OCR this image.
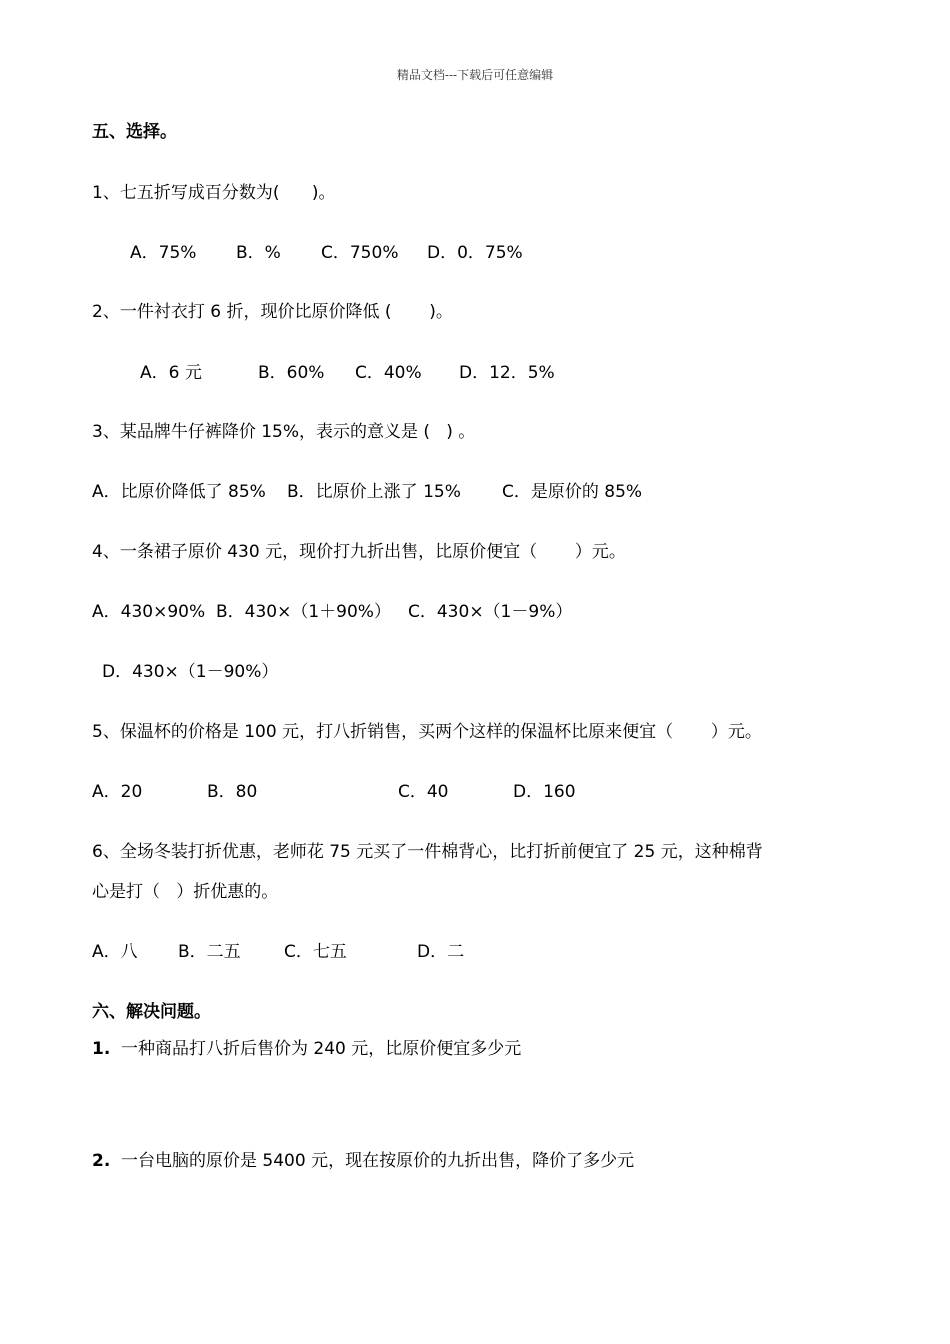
精品文档---下载后可任意编辑
五、选择。
1、七五折写成百分数为(      )。
A．75% B．% C．750% D．0．75%
2、一件衬衣打 6 折，现价比原价降低 (       )。
A．6 元	B．60% C．40% D．12．5%
3、某品牌牛仔裤降价 15%，表示的意义是 (   ) 。
A．比原价降低了 85% B．比原价上涨了 15% C．是原价的 85%
4、一条裙子原价 430 元，现价打九折出售，比原价便宜（       ）元。
A．430×90% B．430×（1＋90%） C．430×（1－9%）
D．430×（1－90%）
5、保温杯的价格是 100 元，打八折销售，买两个这样的保温杯比原来便宜（       ）元。
A．20	B．80	C．40	D．160
6、全场冬装打折优惠，老师花 75 元买了一件棉背心，比打折前便宜了 25 元，这种棉背
心是打（   ）折优惠的。
A．八 B．二五	C．七五	D．二
六、解决问题。
1. 一种商品打八折后售价为 240 元，比原价便宜多少元
2. 一台电脑的原价是 5400 元，现在按原价的九折出售，降价了多少元
